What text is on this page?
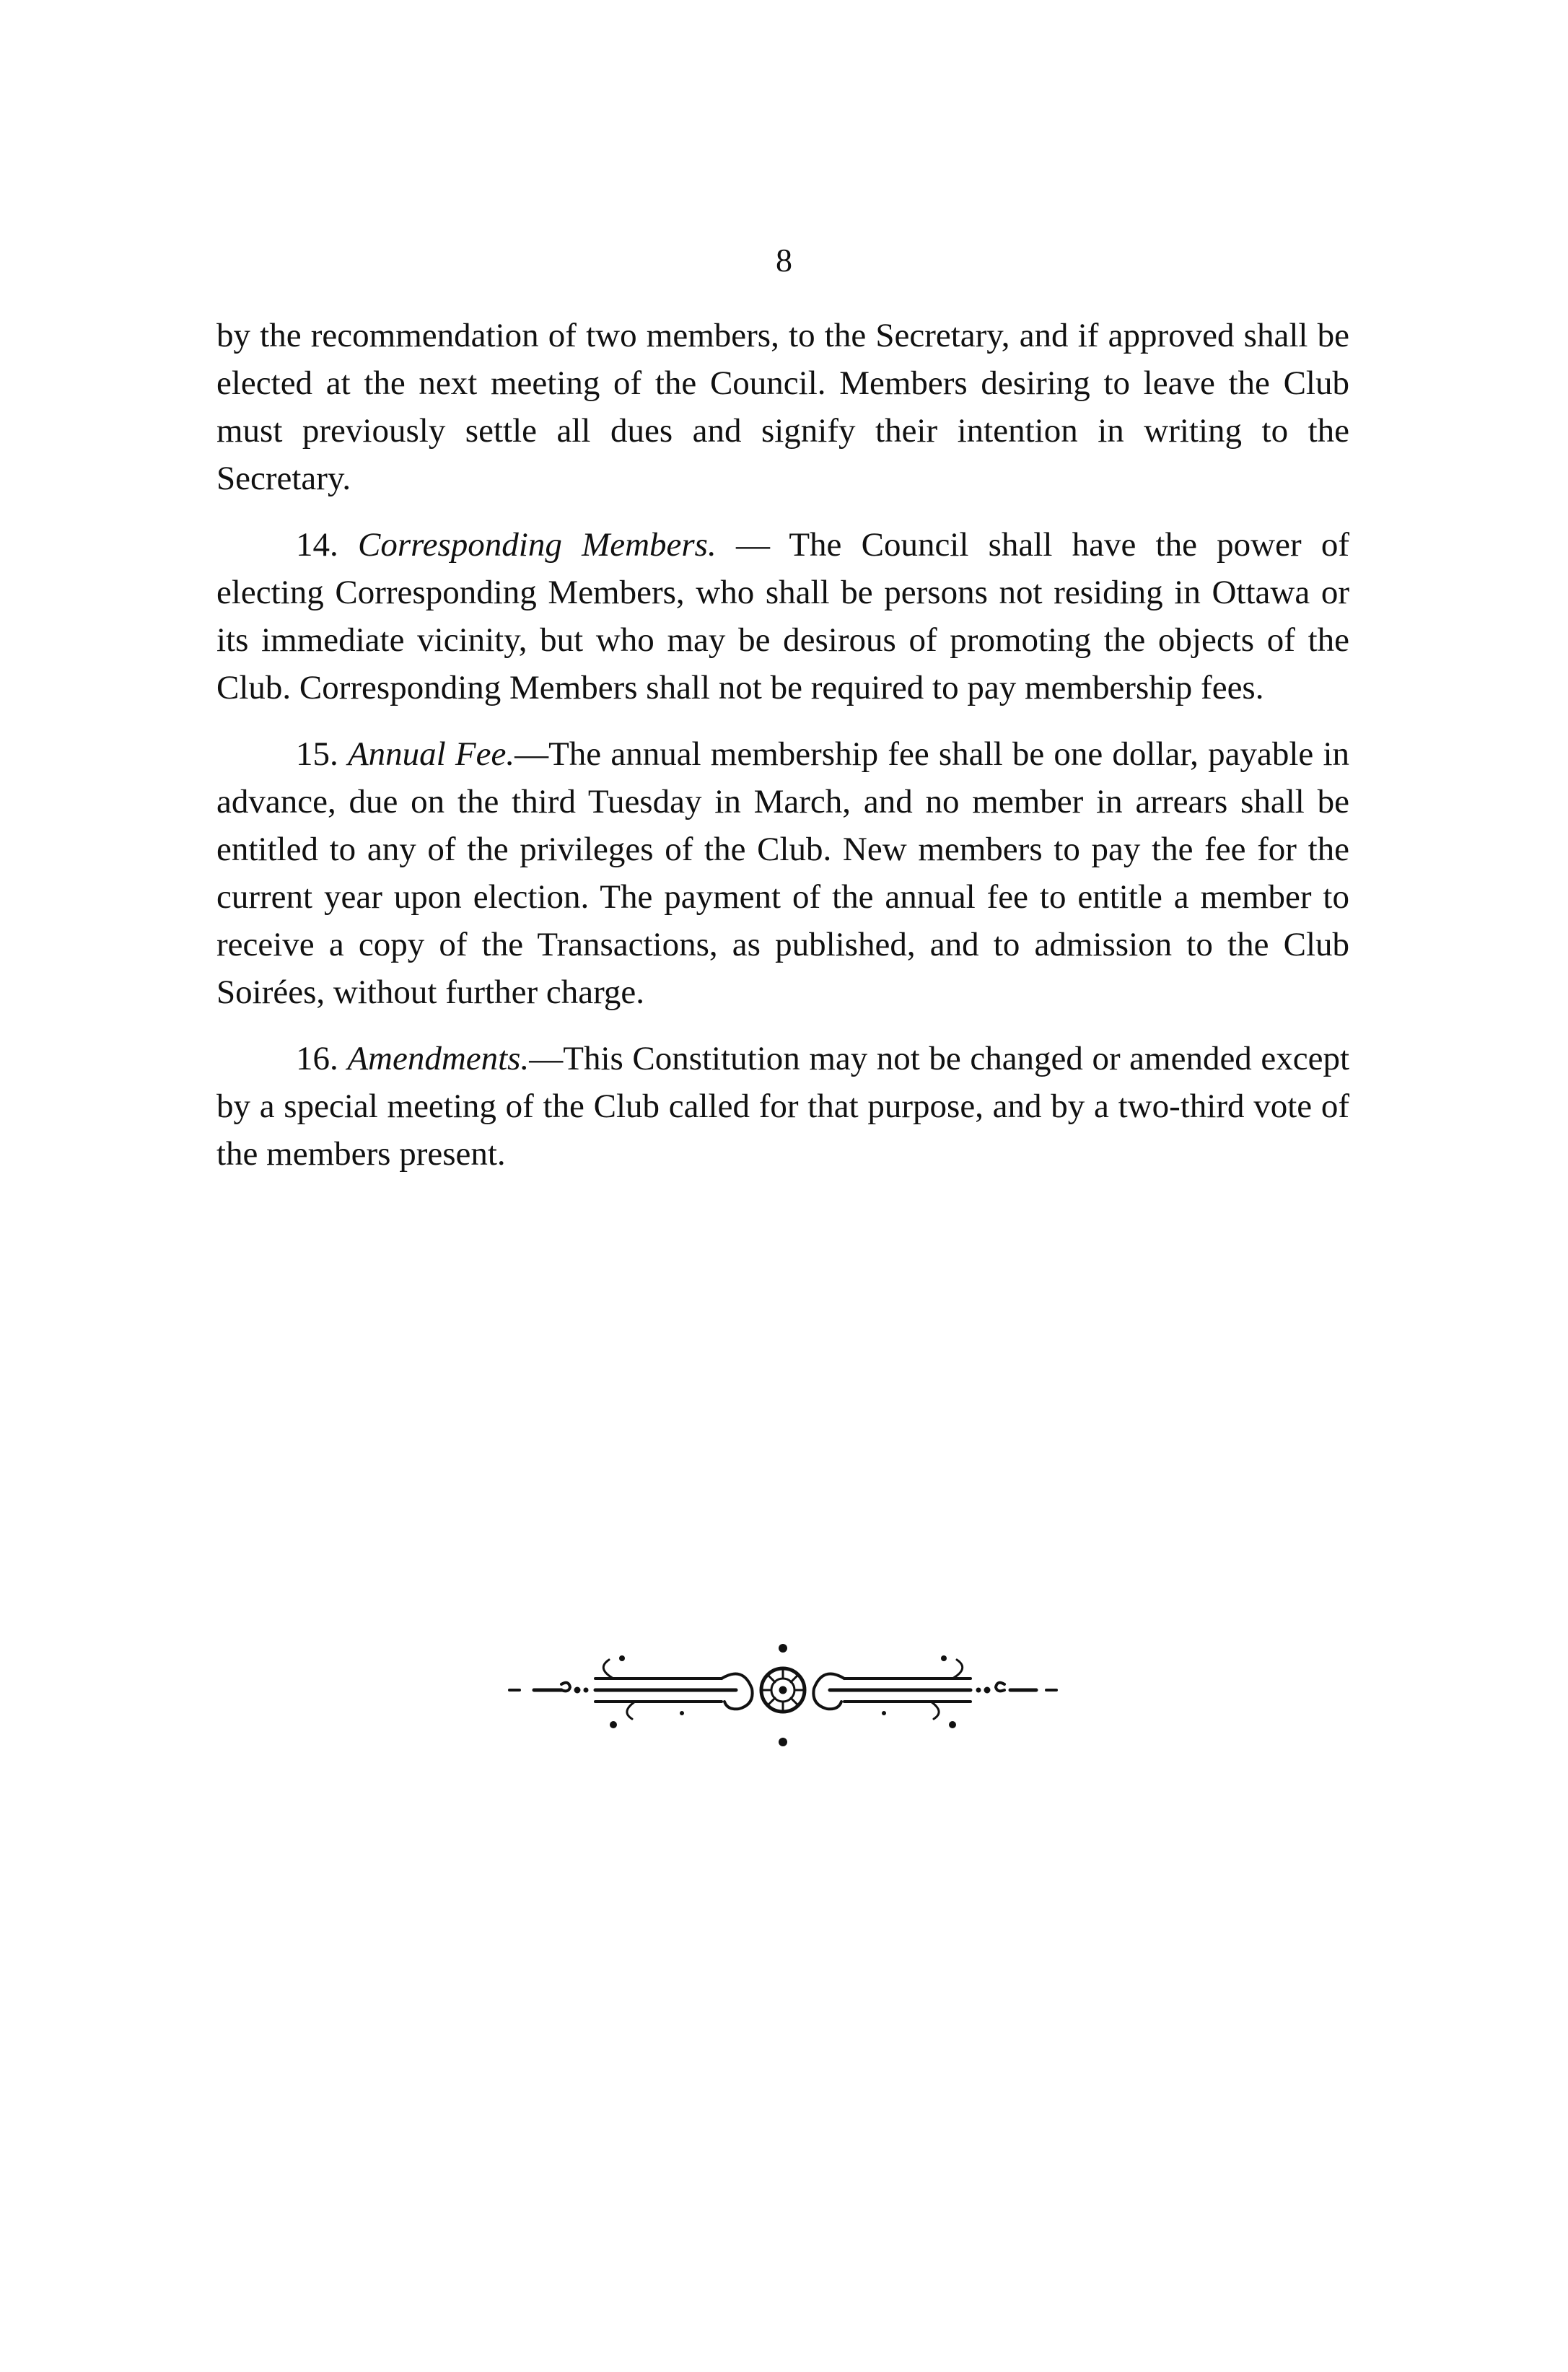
8

by the recommendation of two members, to the Secretary, and if approved shall be elected at the next meeting of the Council. Members desiring to leave the Club must previously settle all dues and signify their intention in writing to the Secretary.

14. Corresponding Members. — The Council shall have the power of electing Corresponding Members, who shall be persons not residing in Ottawa or its immediate vicinity, but who may be desirous of promoting the objects of the Club. Corresponding Members shall not be required to pay membership fees.

15. Annual Fee.—The annual membership fee shall be one dollar, payable in advance, due on the third Tuesday in March, and no member in arrears shall be entitled to any of the privileges of the Club. New members to pay the fee for the current year upon election. The payment of the annual fee to entitle a member to receive a copy of the Transactions, as published, and to admission to the Club Soirées, without further charge.

16. Amendments.—This Constitution may not be changed or amended except by a special meeting of the Club called for that purpose, and by a two-third vote of the members present.
